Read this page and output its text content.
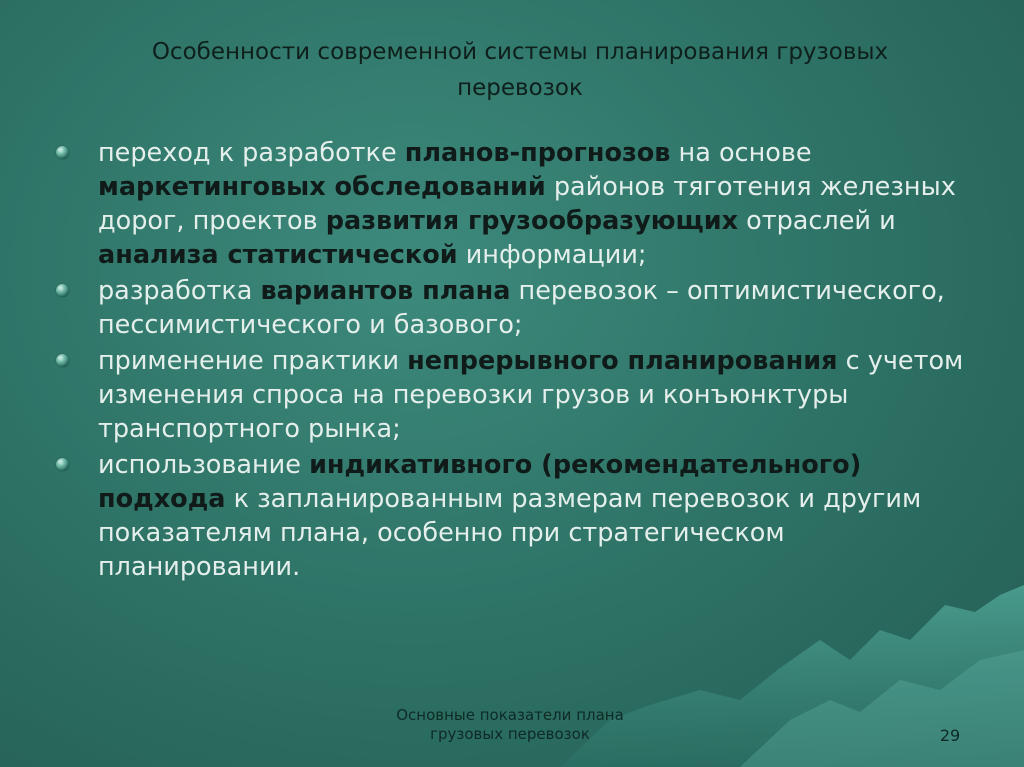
Особенности современной системы планирования грузовых
перевозок
переход к разработке планов-прогнозов на основе маркетинговых обследований районов тяготения железных дорог, проектов развития грузообразующих отраслей и анализа статистической информации;
разработка вариантов плана перевозок – оптимистического, пессимистического и базового;
применение практики непрерывного планирования с учетом изменения спроса на перевозки грузов и конъюнктуры транспортного рынка;
использование индикативного (рекомендательного) подхода к запланированным размерам перевозок и другим показателям плана, особенно при стратегическом планировании.
Основные показатели плана
грузовых перевозок	29
